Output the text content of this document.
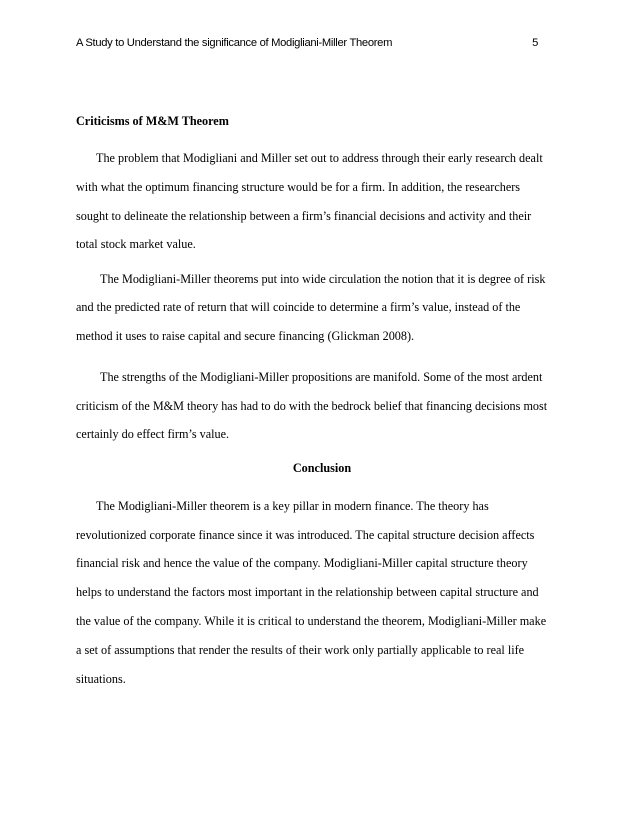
A Study to Understand the significance of Modigliani-Miller Theorem	5
Criticisms of M&M Theorem
The problem that Modigliani and Miller set out to address through their early research dealt
with what the optimum financing structure would be for a firm. In addition, the researchers
sought to delineate the relationship between a firm’s financial decisions and activity and their
total stock market value.
The Modigliani-Miller theorems put into wide circulation the notion that it is degree of risk
and the predicted rate of return that will coincide to determine a firm’s value, instead of the
method it uses to raise capital and secure financing (Glickman 2008).
The strengths of the Modigliani-Miller propositions are manifold. Some of the most ardent
criticism of the M&M theory has had to do with the bedrock belief that financing decisions most
certainly do effect firm’s value.
Conclusion
The Modigliani-Miller theorem is a key pillar in modern finance. The theory has
revolutionized corporate finance since it was introduced. The capital structure decision affects
financial risk and hence the value of the company. Modigliani-Miller capital structure theory
helps to understand the factors most important in the relationship between capital structure and
the value of the company. While it is critical to understand the theorem, Modigliani-Miller make
a set of assumptions that render the results of their work only partially applicable to real life
situations.
